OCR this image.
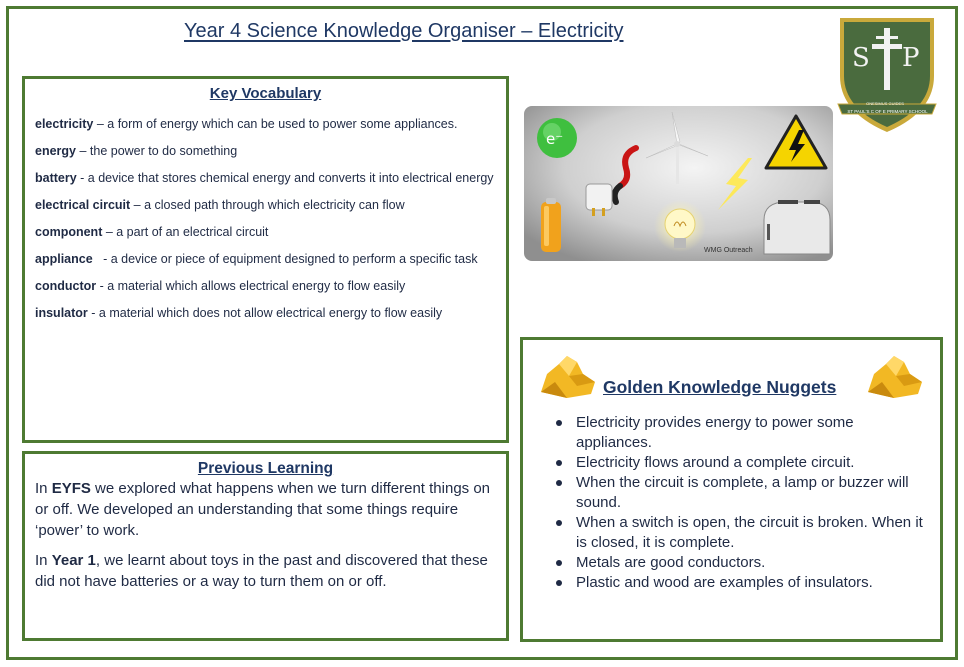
Year 4 Science Knowledge Organiser – Electricity
S P
ONESIMUS GUIDES
ST PAUL'S C OF E PRIMARY SCHOOL
Key Vocabulary

electricity – a form of energy which can be used to power some appliances.

energy – the power to do something

battery - a device that stores chemical energy and converts it into electrical energy

electrical circuit – a closed path through which electricity can flow

component – a part of an electrical circuit

appliance   - a device or piece of equipment designed to perform a specific task

conductor - a material which allows electrical energy to flow easily

insulator - a material which does not allow electrical energy to flow easily

Previous Learning

In EYFS we explored what happens when we turn different things on or off. We developed an understanding that some things require ‘power’ to work.

In Year 1, we learnt about toys in the past and discovered that these did not have batteries or a way to turn them on or off.

e⁻
WMG Outreach
Golden Knowledge Nuggets
Electricity provides energy to power some appliances.
Electricity flows around a complete circuit.
When the circuit is complete, a lamp or buzzer will sound.
When a switch is open, the circuit is broken. When it is closed, it is complete.
Metals are good conductors.
Plastic and wood are examples of insulators.
